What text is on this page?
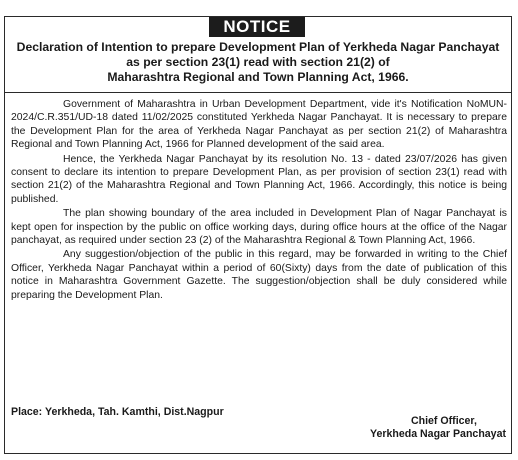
NOTICE
Declaration of Intention to prepare Development Plan of Yerkheda Nagar Panchayat
as per section 23(1) read with section 21(2) of
Maharashtra Regional and Town Planning Act, 1966.

Government of Maharashtra in Urban Development Department, vide it's Notification NoMUN-2024/C.R.351/UD-18 dated 11/02/2025 constituted Yerkheda Nagar Panchayat. It is necessary to prepare the Development Plan for the area of Yerkheda Nagar Panchayat as per section 21(2) of Maharashtra Regional and Town Planning Act, 1966 for Planned development of the said area.

Hence, the Yerkheda Nagar Panchayat by its resolution No. 13 - dated 23/07/2026 has given consent to declare its intention to prepare Development Plan, as per provision of section 23(1) read with section 21(2) of the Maharashtra Regional and Town Planning Act, 1966. Accordingly, this notice is being published.

The plan showing boundary of the area included in Development Plan of Nagar Panchayat is kept open for inspection by the public on office working days, during office hours at the office of the Nagar panchayat, as required under section 23 (2) of the Maharashtra Regional & Town Planning Act, 1966.

Any suggestion/objection of the public in this regard, may be forwarded in writing to the Chief Officer, Yerkheda Nagar Panchayat within a period of 60(Sixty) days from the date of publication of this notice in Maharashtra Government Gazette. The suggestion/objection shall be duly considered while preparing the Development Plan.

Place: Yerkheda, Tah. Kamthi, Dist.Nagpur
Chief Officer,
Yerkheda Nagar Panchayat
